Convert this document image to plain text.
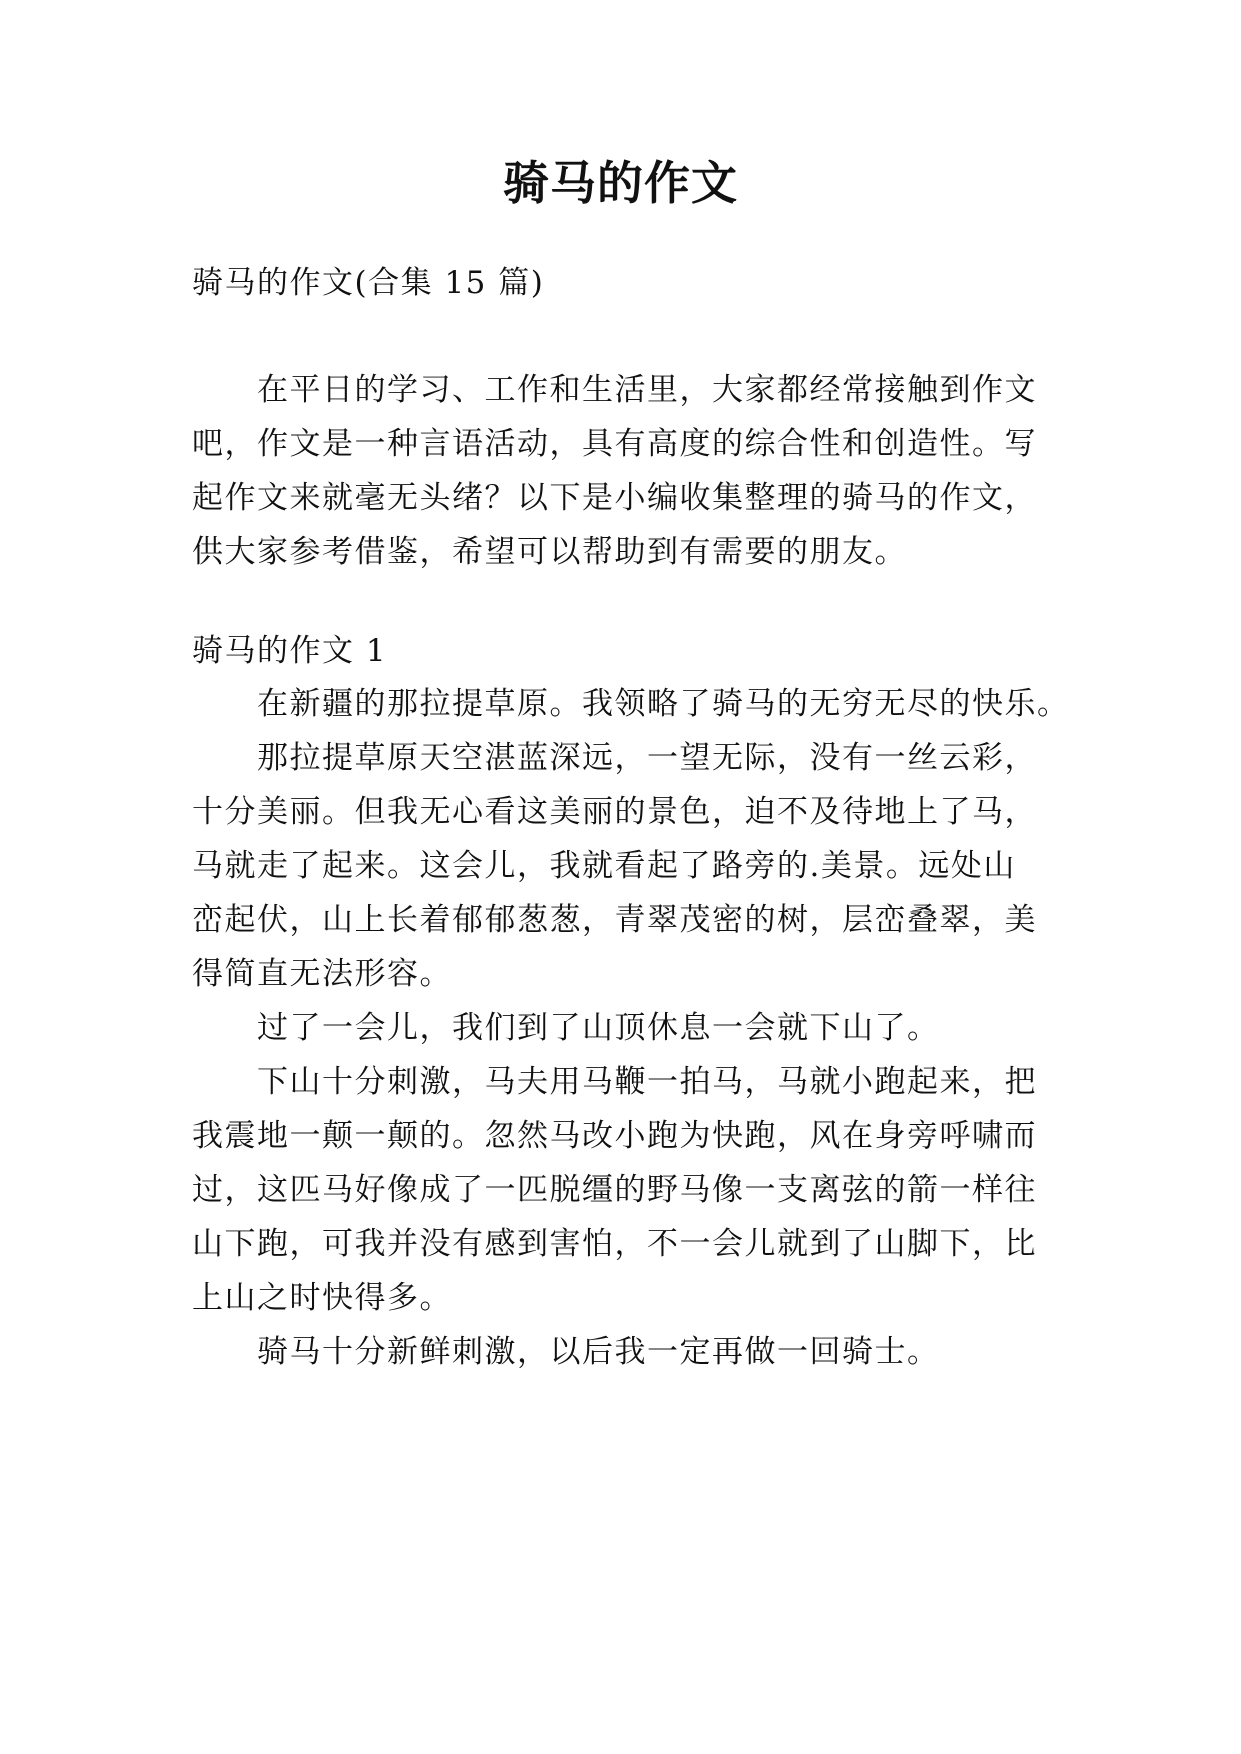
骑马的作文
骑马的作文(合集 15 篇)
在平日的学习、工作和生活里，大家都经常接触到作文
吧，作文是一种言语活动，具有高度的综合性和创造性。写
起作文来就毫无头绪？以下是小编收集整理的骑马的作文，
供大家参考借鉴，希望可以帮助到有需要的朋友。
骑马的作文 1
在新疆的那拉提草原。我领略了骑马的无穷无尽的快乐。
那拉提草原天空湛蓝深远，一望无际，没有一丝云彩，
十分美丽。但我无心看这美丽的景色，迫不及待地上了马，
马就走了起来。这会儿，我就看起了路旁的.美景。远处山
峦起伏，山上长着郁郁葱葱，青翠茂密的树，层峦叠翠，美
得简直无法形容。
过了一会儿，我们到了山顶休息一会就下山了。
下山十分刺激，马夫用马鞭一拍马，马就小跑起来，把
我震地一颠一颠的。忽然马改小跑为快跑，风在身旁呼啸而
过，这匹马好像成了一匹脱缰的野马像一支离弦的箭一样往
山下跑，可我并没有感到害怕，不一会儿就到了山脚下，比
上山之时快得多。
骑马十分新鲜刺激，以后我一定再做一回骑士。
